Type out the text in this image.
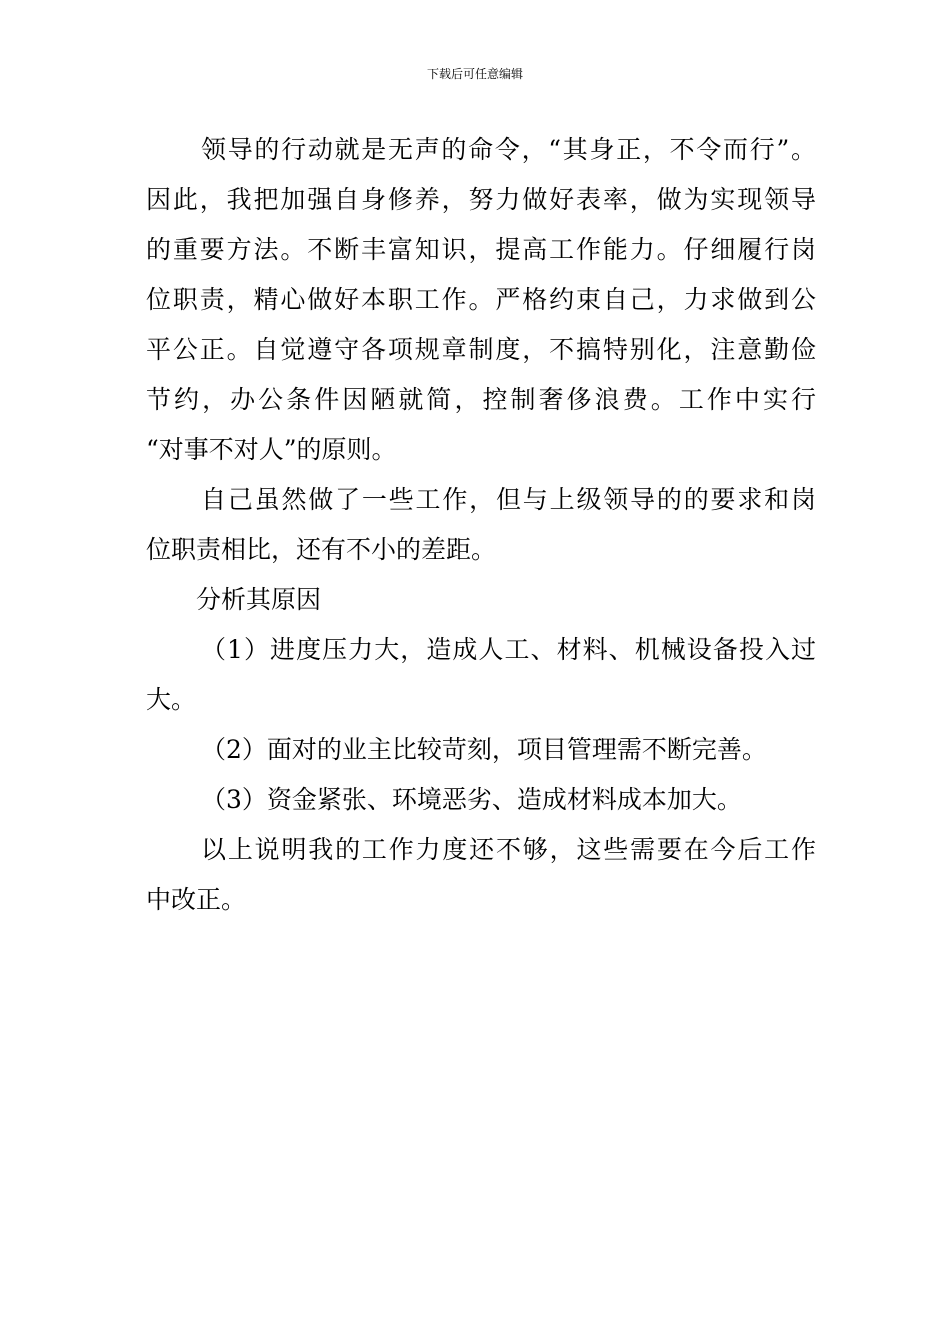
下载后可任意编辑
领导的行动就是无声的命令，“其身正，不令而行”。
因此，我把加强自身修养，努力做好表率，做为实现领导
的重要方法。不断丰富知识，提高工作能力。仔细履行岗
位职责，精心做好本职工作。严格约束自己，力求做到公
平公正。自觉遵守各项规章制度，不搞特别化，注意勤俭
节约，办公条件因陋就简，控制奢侈浪费。工作中实行
“对事不对人”的原则。
自己虽然做了一些工作，但与上级领导的的要求和岗
位职责相比，还有不小的差距。
分析其原因
（1）进度压力大，造成人工、材料、机械设备投入过
大。
（2）面对的业主比较苛刻，项目管理需不断完善。
（3）资金紧张、环境恶劣、造成材料成本加大。
以上说明我的工作力度还不够，这些需要在今后工作
中改正。
